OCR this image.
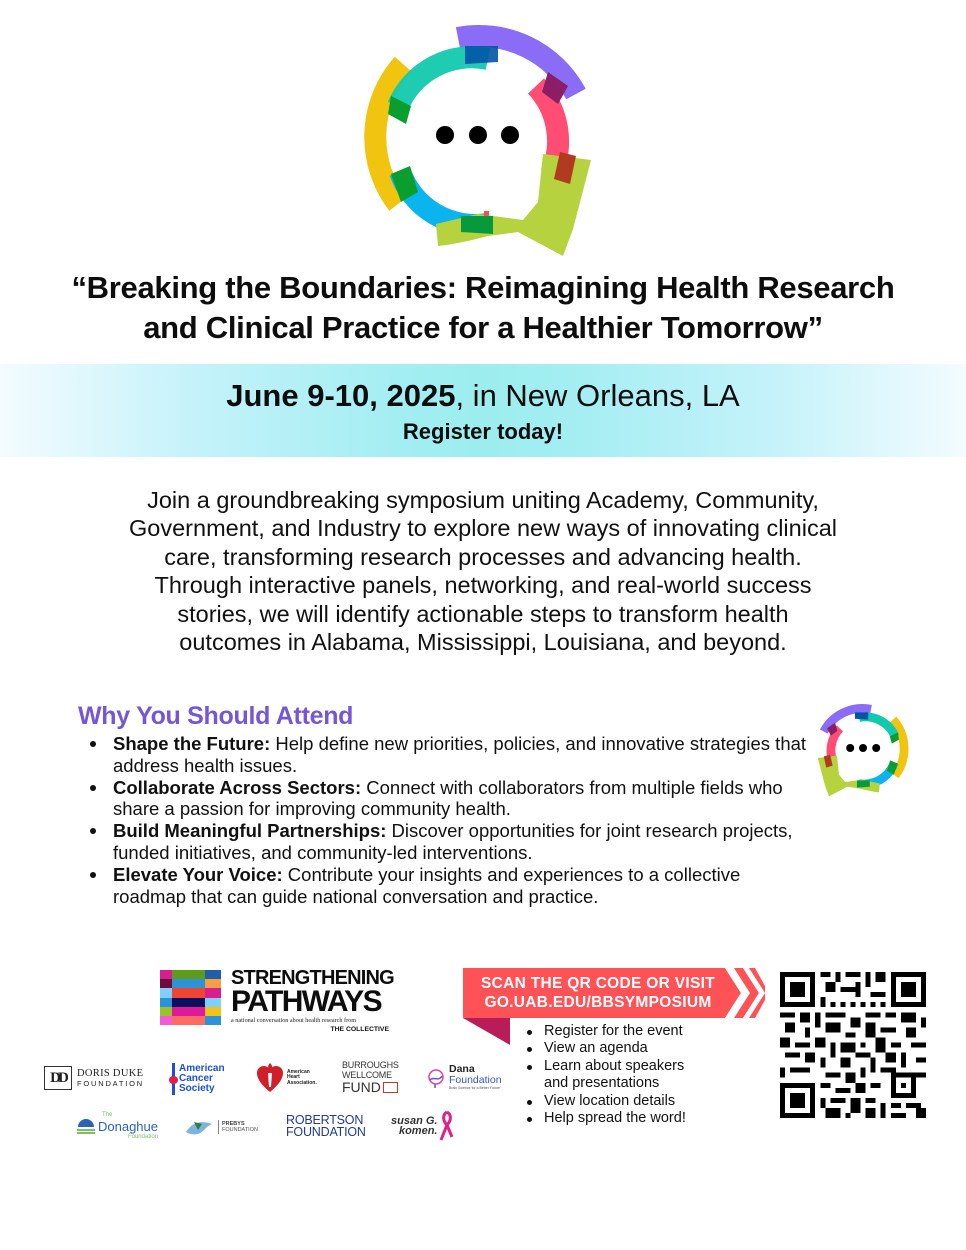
“Breaking the Boundaries: Reimagining Health Research
and Clinical Practice for a Healthier Tomorrow”
June 9-10, 2025, in New Orleans, LA
Register today!

Join a groundbreaking symposium uniting Academy, Community,
Government, and Industry to explore new ways of innovating clinical
care, transforming research processes and advancing health.
Through interactive panels, networking, and real-world success
stories, we will identify actionable steps to transform health
outcomes in Alabama, Mississippi, Louisiana, and beyond.

Why You Should Attend
Shape the Future: Help define new priorities, policies, and innovative strategies that address health issues.
Collaborate Across Sectors: Connect with collaborators from multiple fields who share a passion for improving community health.
Build Meaningful Partnerships: Discover opportunities for joint research projects, funded initiatives, and community-led interventions.
Elevate Your Voice: Contribute your insights and experiences to a collective roadmap that can guide national conversation and practice.
STRENGTHENING
PATHWAYS
a national conversation about health research from
THE COLLECTIVE
DD	DORIS DUKE
FOUNDATION
American
Cancer
Society
American
Heart
Association.
BURROUGHS
WELLCOME
FUND
Dana
Foundation
Brain Science for a Better Future
The
Donaghue
Foundation
PREBYS
FOUNDATION
ROBERTSON
FOUNDATION
susan G.
komen.
SCAN THE QR CODE OR VISIT
GO.UAB.EDU/BBSYMPOSIUM
Register for the event
View an agenda
Learn about speakers and presentations
View location details
Help spread the word!
